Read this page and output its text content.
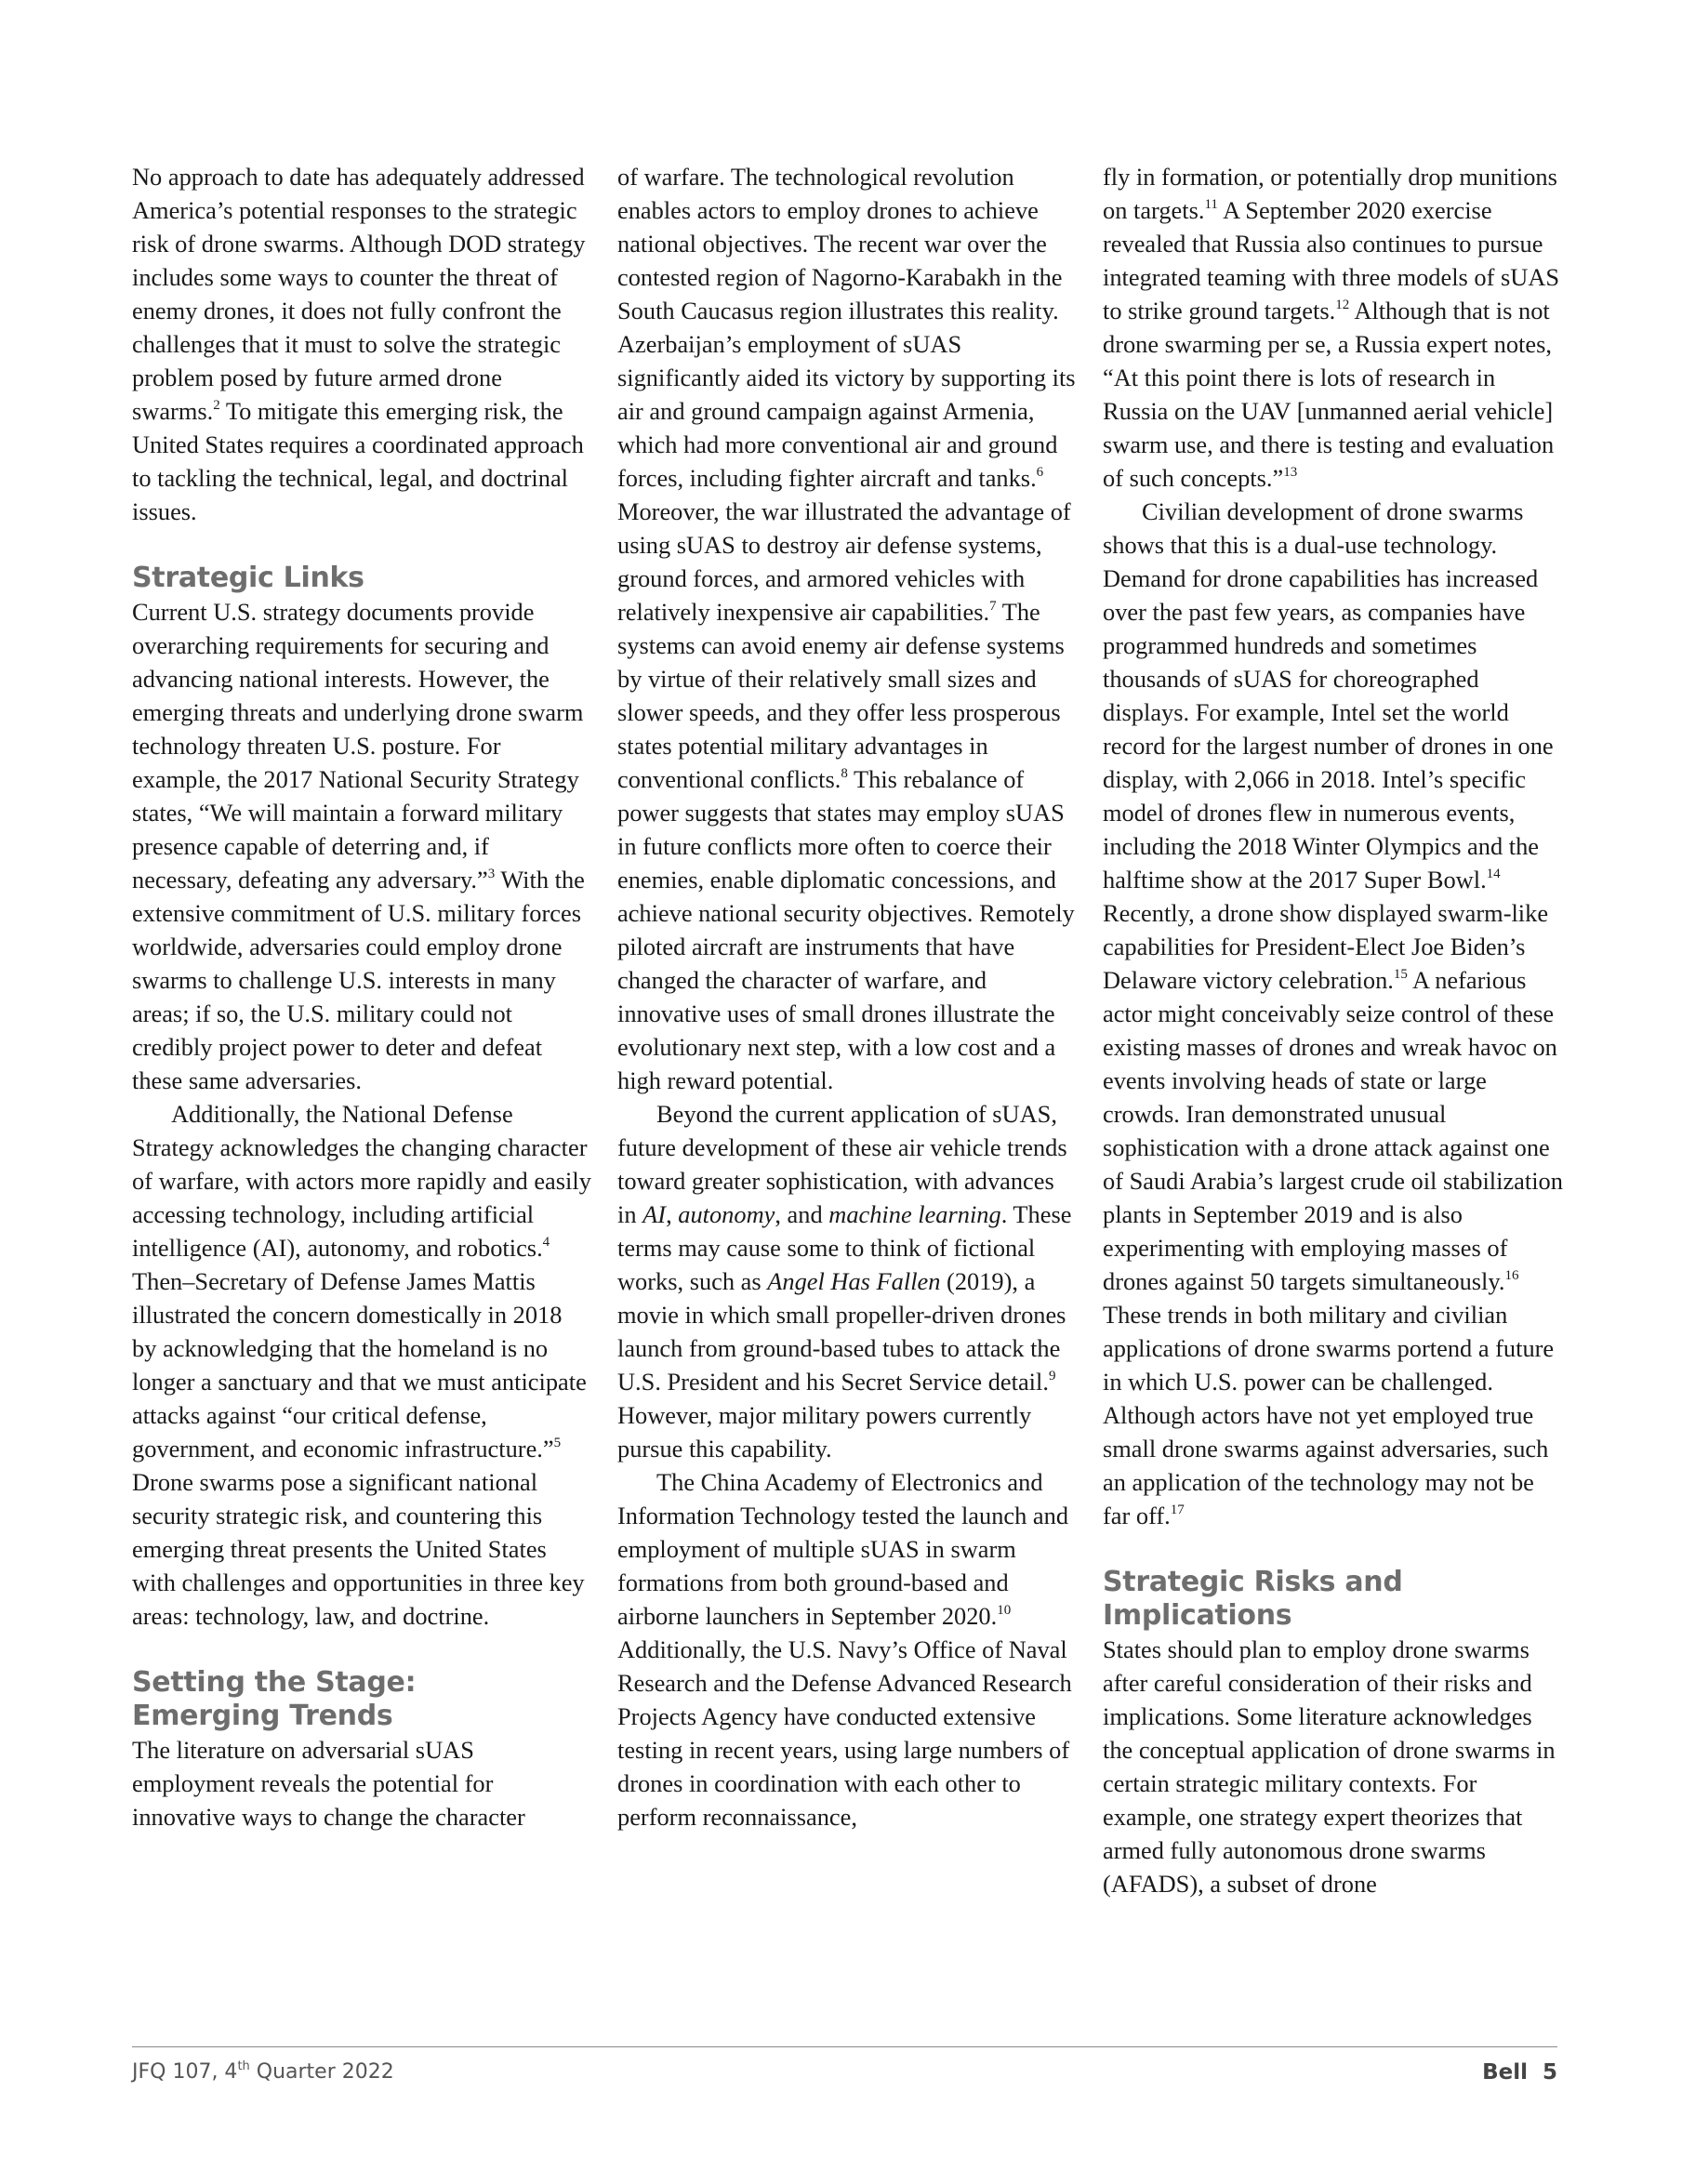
No approach to date has adequately addressed America’s potential responses to the strategic risk of drone swarms. Although DOD strategy includes some ways to counter the threat of enemy drones, it does not fully confront the challenges that it must to solve the strategic problem posed by future armed drone swarms.$^2$ To mitigate this emerging risk, the United States requires a coordinated approach to tackling the technical, legal, and doctrinal issues.

Strategic Links

Current U.S. strategy documents provide overarching requirements for securing and advancing national interests. However, the emerging threats and underlying drone swarm technology threaten U.S. posture. For example, the 2017 National Security Strategy states, “We will maintain a forward military presence capable of deterring and, if necessary, defeating any adversary.”$^3$ With the extensive commitment of U.S. military forces worldwide, adversaries could employ drone swarms to challenge U.S. interests in many areas; if so, the U.S. military could not credibly project power to deter and defeat these same adversaries.

Additionally, the National Defense Strategy acknowledges the changing character of warfare, with actors more rapidly and easily accessing technology, including artificial intelligence (AI), autonomy, and robotics.$^4$ Then–Secretary of Defense James Mattis illustrated the concern domestically in 2018 by acknowledging that the homeland is no longer a sanctuary and that we must anticipate attacks against “our critical defense, government, and economic infrastructure.”$^5$ Drone swarms pose a significant national security strategic risk, and countering this emerging threat presents the United States with challenges and opportunities in three key areas: technology, law, and doctrine.

Setting the Stage:
Emerging Trends

The literature on adversarial sUAS employment reveals the potential for innovative ways to change the character

of warfare. The technological revolution enables actors to employ drones to achieve national objectives. The recent war over the contested region of Nagorno-Karabakh in the South Caucasus region illustrates this reality. Azerbaijan’s employment of sUAS significantly aided its victory by supporting its air and ground campaign against Armenia, which had more conventional air and ground forces, including fighter aircraft and tanks.$^6$ Moreover, the war illustrated the advantage of using sUAS to destroy air defense systems, ground forces, and armored vehicles with relatively inexpensive air capabilities.$^7$ The systems can avoid enemy air defense systems by virtue of their relatively small sizes and slower speeds, and they offer less prosperous states potential military advantages in conventional conflicts.$^8$ This rebalance of power suggests that states may employ sUAS in future conflicts more often to coerce their enemies, enable diplomatic concessions, and achieve national security objectives. Remotely piloted aircraft are instruments that have changed the character of warfare, and innovative uses of small drones illustrate the evolutionary next step, with a low cost and a high reward potential.

Beyond the current application of sUAS, future development of these air vehicle trends toward greater sophistication, with advances in AI, autonomy, and machine learning. These terms may cause some to think of fictional works, such as Angel Has Fallen (2019), a movie in which small propeller-driven drones launch from ground-based tubes to attack the U.S. President and his Secret Service detail.$^9$ However, major military powers currently pursue this capability.

The China Academy of Electronics and Information Technology tested the launch and employment of multiple sUAS in swarm formations from both ground-based and airborne launchers in September 2020.10 Additionally, the U.S. Navy’s Office of Naval Research and the Defense Advanced Research Projects Agency have conducted extensive testing in recent years, using large numbers of drones in coordination with each other to perform reconnaissance,

fly in formation, or potentially drop munitions on targets.$^{11}$ A September 2020 exercise revealed that Russia also continues to pursue integrated teaming with three models of sUAS to strike ground targets.$^{12}$ Although that is not drone swarming per se, a Russia expert notes, “At this point there is lots of research in Russia on the UAV [unmanned aerial vehicle] swarm use, and there is testing and evaluation of such concepts.”$^{13}$

Civilian development of drone swarms shows that this is a dual-use technology. Demand for drone capabilities has increased over the past few years, as companies have programmed hundreds and sometimes thousands of sUAS for choreographed displays. For example, Intel set the world record for the largest number of drones in one display, with 2,066 in 2018. Intel’s specific model of drones flew in numerous events, including the 2018 Winter Olympics and the halftime show at the 2017 Super Bowl.$^{14}$ Recently, a drone show displayed swarm-like capabilities for President-Elect Joe Biden’s Delaware victory celebration.$^{15}$ A nefarious actor might conceivably seize control of these existing masses of drones and wreak havoc on events involving heads of state or large crowds. Iran demonstrated unusual sophistication with a drone attack against one of Saudi Arabia’s largest crude oil stabilization plants in September 2019 and is also experimenting with employing masses of drones against 50 targets simultaneously.$^{16}$ These trends in both military and civilian applications of drone swarms portend a future in which U.S. power can be challenged. Although actors have not yet employed true small drone swarms against adversaries, such an application of the technology may not be far off.$^{17}$

Strategic Risks and Implications

States should plan to employ drone swarms after careful consideration of their risks and implications. Some literature acknowledges the conceptual application of drone swarms in certain strategic military contexts. For example, one strategy expert theorizes that armed fully autonomous drone swarms (AFADS), a subset of drone

JFQ 107, 4th Quarter 2022	Bell 5
